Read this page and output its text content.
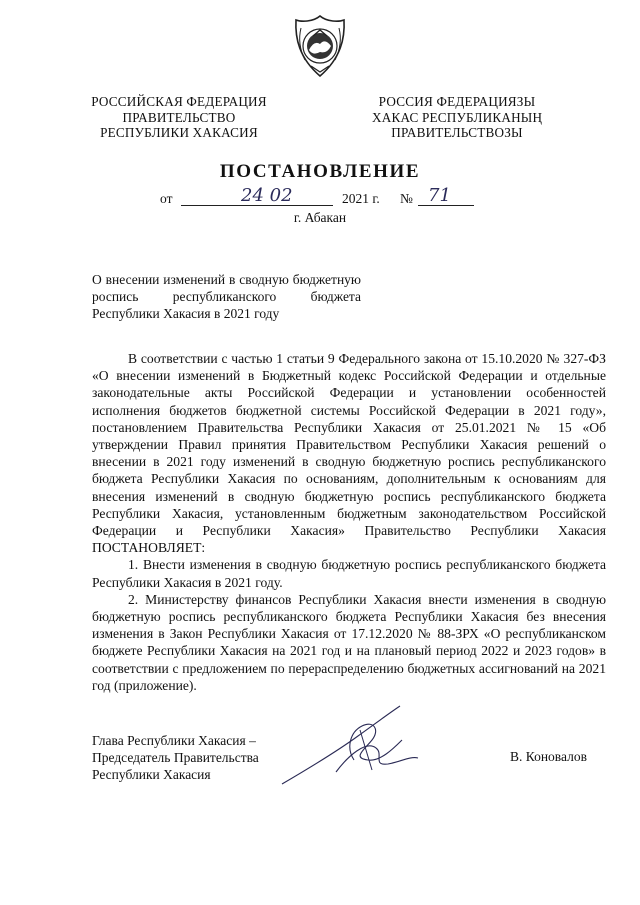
РОССИЙСКАЯ ФЕДЕРАЦИЯ
ПРАВИТЕЛЬСТВО
РЕСПУБЛИКИ ХАКАСИЯ
РОССИЯ ФЕДЕРАЦИЯЗЫ
ХАКАС РЕСПУБЛИКАНЫҢ
ПРАВИТЕЛЬСТВОЗЫ
ПОСТАНОВЛЕНИЕ
от	24 02	2021 г. № 71
г. Абакан

О внесении изменений в сводную бюджетную роспись республиканского бюджета Республики Хакасия в 2021 году

В соответствии с частью 1 статьи 9 Федерального закона от 15.10.2020 № 327-ФЗ «О внесении изменений в Бюджетный кодекс Российской Федерации и отдельные законодательные акты Российской Федерации и установлении особенностей исполнения бюджетов бюджетной системы Российской Федерации в 2021 году», постановлением Правительства Республики Хакасия от 25.01.2021 № 15 «Об утверждении Правил принятия Правительством Республики Хакасия решений о внесении в 2021 году изменений в сводную бюджетную роспись республиканского бюджета Республики Хакасия по основаниям, дополнительным к основаниям для внесения изменений в сводную бюджетную роспись республиканского бюджета Республики Хакасия, установленным бюджетным законодательством Российской Федерации и Республики Хакасия» Правительство Республики Хакасия ПОСТАНОВЛЯЕТ:

1. Внести изменения в сводную бюджетную роспись республиканского бюджета Республики Хакасия в 2021 году.

2. Министерству финансов Республики Хакасия внести изменения в сводную бюджетную роспись республиканского бюджета Республики Хакасия без внесения изменения в Закон Республики Хакасия от 17.12.2020 № 88-ЗРХ «О республиканском бюджете Республики Хакасия на 2021 год и на плановый период 2022 и 2023 годов» в соответствии с предложением по перераспределению бюджетных ассигнований на 2021 год (приложение).

Глава Республики Хакасия –
Председатель Правительства
Республики Хакасия
В. Коновалов
